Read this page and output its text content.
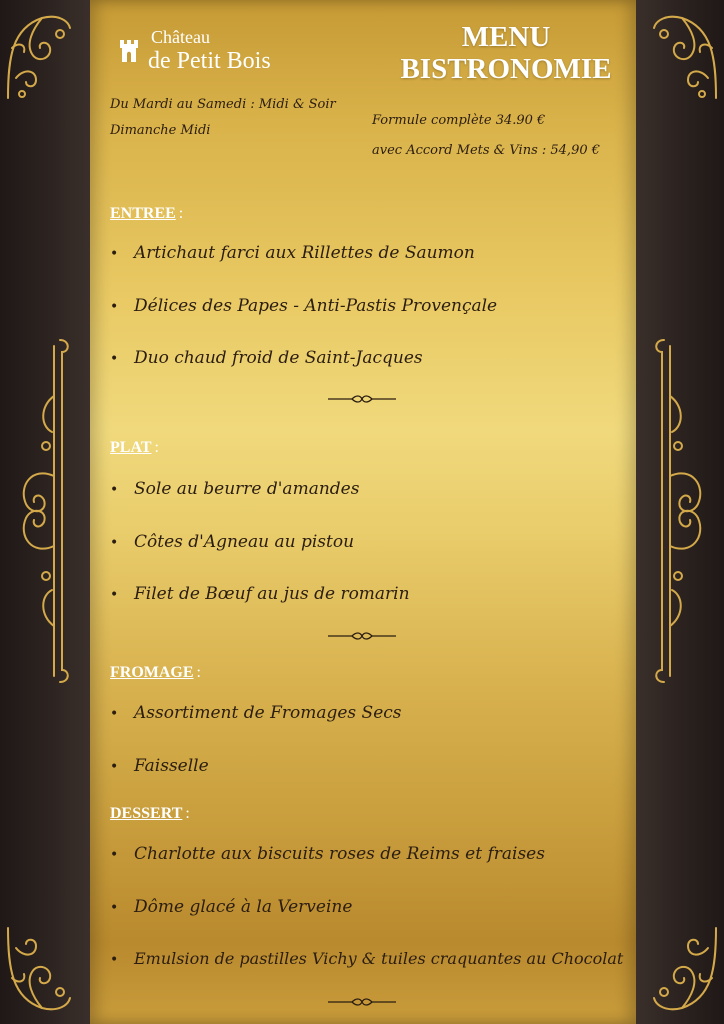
Château
de Petit Bois
MENU
BISTRONOMIE
Du Mardi au Samedi : Midi & Soir
Dimanche Midi
Formule complète 34.90 €
avec Accord Mets & Vins : 54,90 €
ENTREE :
• Artichaut farci aux Rillettes de Saumon
• Délices des Papes - Anti-Pastis Provençale
• Duo chaud froid de Saint-Jacques
PLAT :
• Sole au beurre d'amandes
• Côtes d'Agneau au pistou
• Filet de Bœuf au jus de romarin
FROMAGE :
• Assortiment de Fromages Secs
• Faisselle
DESSERT :
• Charlotte aux biscuits roses de Reims et fraises
• Dôme glacé à la Verveine
• Emulsion de pastilles Vichy & tuiles craquantes au Chocolat
